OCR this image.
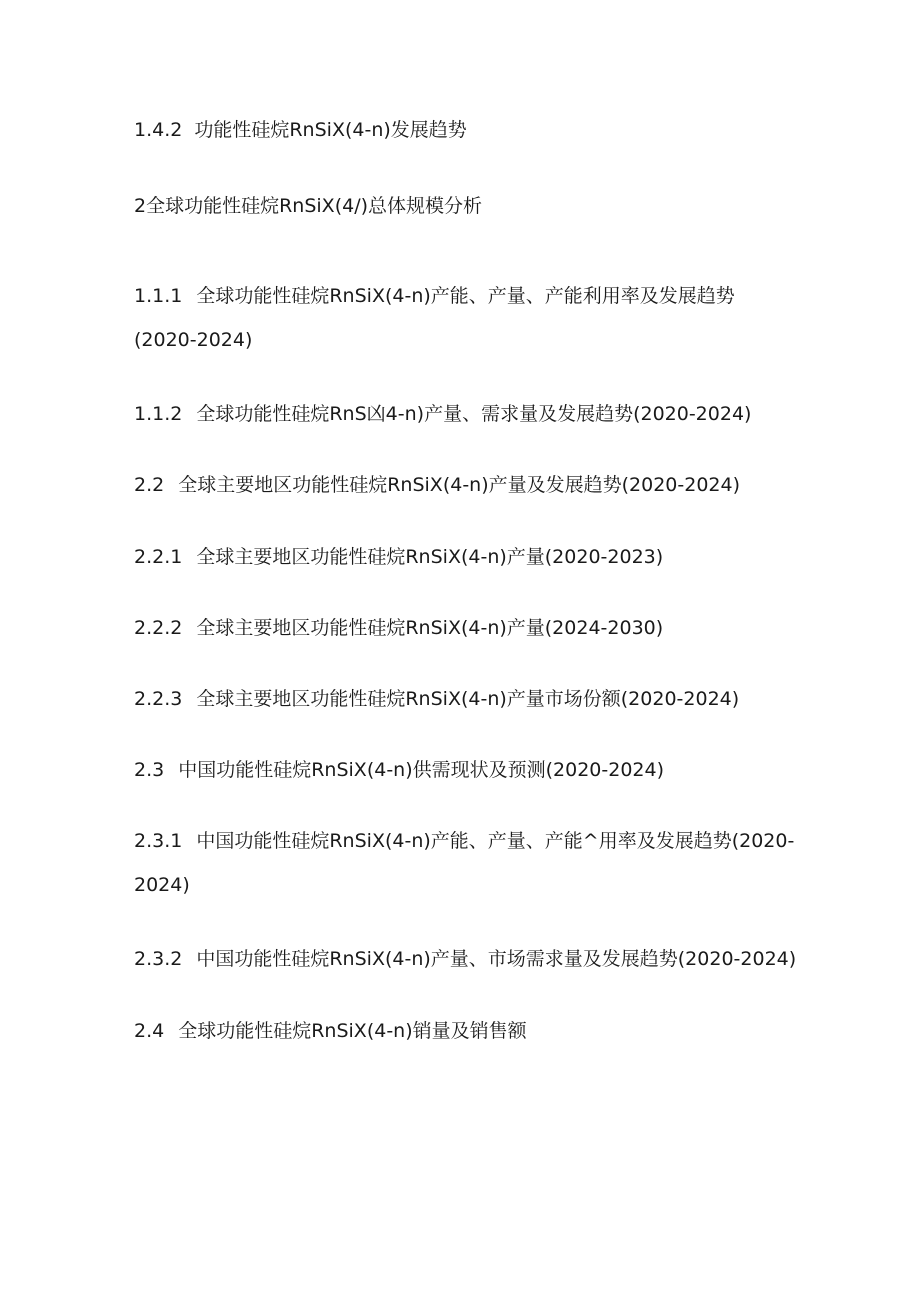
1.4.2 功能性硅烷RnSiX(4-n)发展趋势
2全球功能性硅烷RnSiX(4/)总体规模分析
1.1.1 全球功能性硅烷RnSiX(4-n)产能、产量、产能利用率及发展趋势(2020-2024)
1.1.2 全球功能性硅烷RnS凶4-n)产量、需求量及发展趋势(2020-2024)
2.2 全球主要地区功能性硅烷RnSiX(4-n)产量及发展趋势(2020-2024)
2.2.1 全球主要地区功能性硅烷RnSiX(4-n)产量(2020-2023)
2.2.2 全球主要地区功能性硅烷RnSiX(4-n)产量(2024-2030)
2.2.3 全球主要地区功能性硅烷RnSiX(4-n)产量市场份额(2020-2024)
2.3 中国功能性硅烷RnSiX(4-n)供需现状及预测(2020-2024)
2.3.1 中国功能性硅烷RnSiX(4-n)产能、产量、产能^用率及发展趋势(2020-2024)
2.3.2 中国功能性硅烷RnSiX(4-n)产量、市场需求量及发展趋势(2020-2024)
2.4 全球功能性硅烷RnSiX(4-n)销量及销售额
